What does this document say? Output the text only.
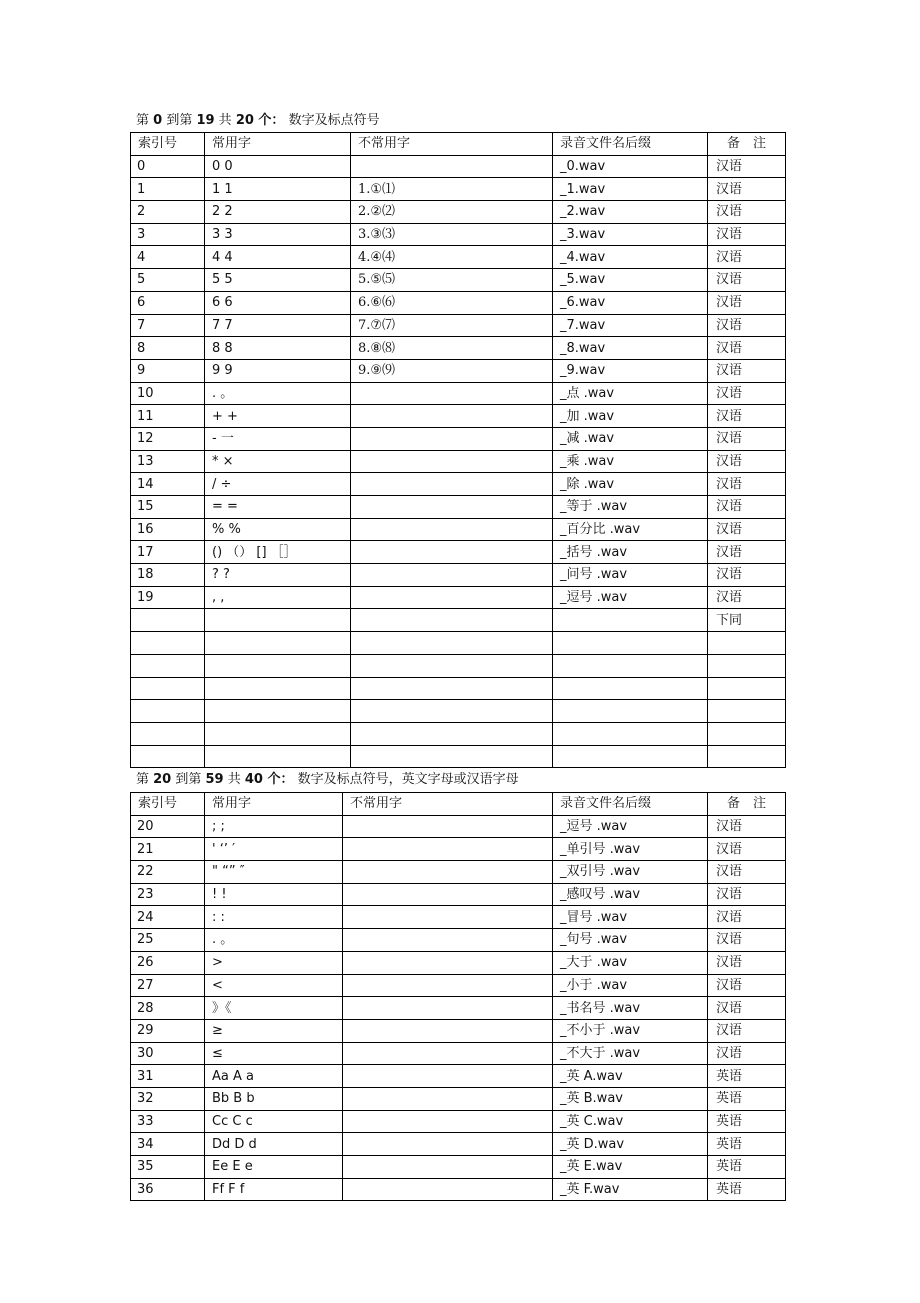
第 0 到第 19 共 20 个： 数字及标点符号
索引号	常用字	不常用字	录音文件名后缀	备　注
0	0 0		_0.wav	汉语
1	1 1	1.①⑴	_1.wav	汉语
2	2 2	2.②⑵	_2.wav	汉语
3	3 3	3.③⑶	_3.wav	汉语
4	4 4	4.④⑷	_4.wav	汉语
5	5 5	5.⑤⑸	_5.wav	汉语
6	6 6	6.⑥⑹	_6.wav	汉语
7	7 7	7.⑦⑺	_7.wav	汉语
8	8 8	8.⑧⑻	_8.wav	汉语
9	9 9	9.⑨⑼	_9.wav	汉语
10	. 。		_点 .wav	汉语
11	+ +		_加 .wav	汉语
12	- 一		_减 .wav	汉语
13	* ×		_乘 .wav	汉语
14	/ ÷		_除 .wav	汉语
15	= =		_等于 .wav	汉语
16	% %		_百分比 .wav	汉语
17	() （） [] ［］		_括号 .wav	汉语
18	? ?		_问号 .wav	汉语
19	, ,		_逗号 .wav	汉语
				下同

第 20 到第 59 共 40 个： 数字及标点符号，英文字母或汉语字母
索引号	常用字	不常用字	录音文件名后缀	备　注
20	; ;		_逗号 .wav	汉语
21	' ‘’ ′		_单引号 .wav	汉语
22	" “” ″		_双引号 .wav	汉语
23	! !		_感叹号 .wav	汉语
24	: :		_冒号 .wav	汉语
25	. 。		_句号 .wav	汉语
26	>		_大于 .wav	汉语
27	<		_小于 .wav	汉语
28	》《		_书名号 .wav	汉语
29	≥		_不小于 .wav	汉语
30	≤		_不大于 .wav	汉语
31	Aa A a		_英 A.wav	英语
32	Bb B b		_英 B.wav	英语
33	Cc C c		_英 C.wav	英语
34	Dd D d		_英 D.wav	英语
35	Ee E e		_英 E.wav	英语
36	Ff F f		_英 F.wav	英语
